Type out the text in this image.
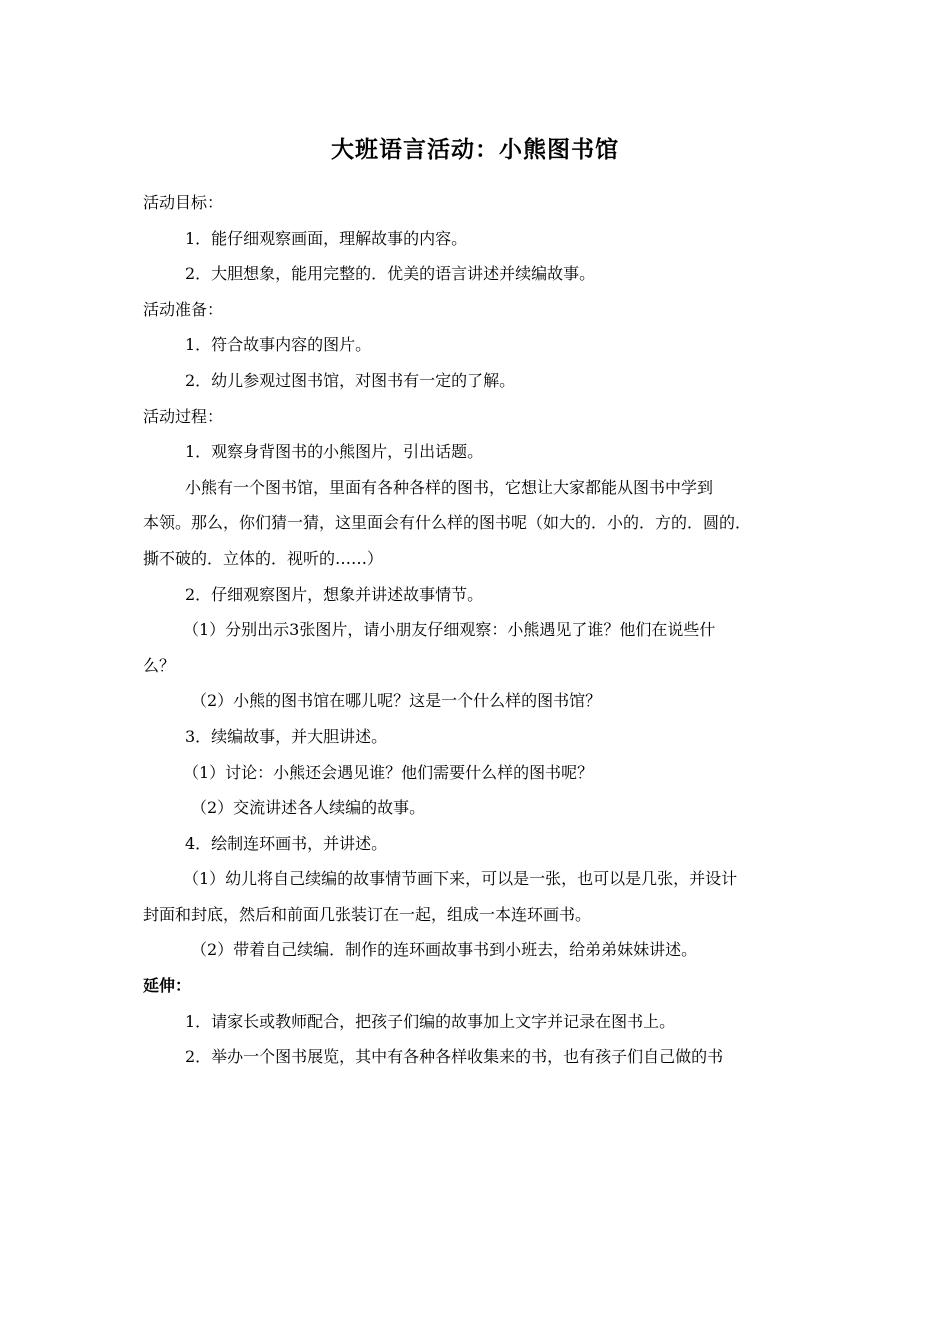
大班语言活动：小熊图书馆
活动目标：
1．能仔细观察画面，理解故事的内容。
2．大胆想象，能用完整的．优美的语言讲述并续编故事。
活动准备：
1．符合故事内容的图片。
2．幼儿参观过图书馆，对图书有一定的了解。
活动过程：
1．观察身背图书的小熊图片，引出话题。
小熊有一个图书馆，里面有各种各样的图书，它想让大家都能从图书中学到
本领。那么，你们猜一猜，这里面会有什么样的图书呢（如大的．小的．方的．圆的．
撕不破的．立体的．视听的……）
2．仔细观察图片，想象并讲述故事情节。
（1）分别出示3张图片，请小朋友仔细观察：小熊遇见了谁？他们在说些什
么？
（2）小熊的图书馆在哪儿呢？这是一个什么样的图书馆？
3．续编故事，并大胆讲述。
（1）讨论：小熊还会遇见谁？他们需要什么样的图书呢？
（2）交流讲述各人续编的故事。
4．绘制连环画书，并讲述。
（1）幼儿将自己续编的故事情节画下来，可以是一张，也可以是几张，并设计
封面和封底，然后和前面几张装订在一起，组成一本连环画书。
（2）带着自己续编．制作的连环画故事书到小班去，给弟弟妹妹讲述。
延伸：
1．请家长或教师配合，把孩子们编的故事加上文字并记录在图书上。
2．举办一个图书展览，其中有各种各样收集来的书，也有孩子们自己做的书
